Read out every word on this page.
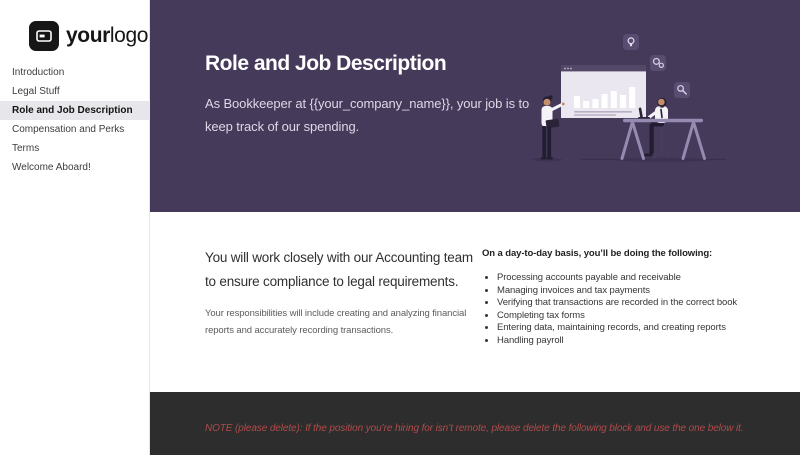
yourlogo
Introduction
Legal Stuff
Role and Job Description
Compensation and Perks
Terms
Welcome Aboard!
Role and Job Description

As Bookkeeper at {{your_company_name}}, your job is to keep track of our spending.

You will work closely with our Accounting team to ensure compliance to legal requirements.

Your responsibilities will include creating and analyzing financial reports and accurately recording transactions.

On a day-to-day basis, you’ll be doing the following:
• Processing accounts payable and receivable
• Managing invoices and tax payments
• Verifying that transactions are recorded in the correct book
• Completing tax forms
• Entering data, maintaining records, and creating reports
• Handling payroll

NOTE (please delete): If the position you’re hiring for isn’t remote, please delete the following block and use the one below it.
